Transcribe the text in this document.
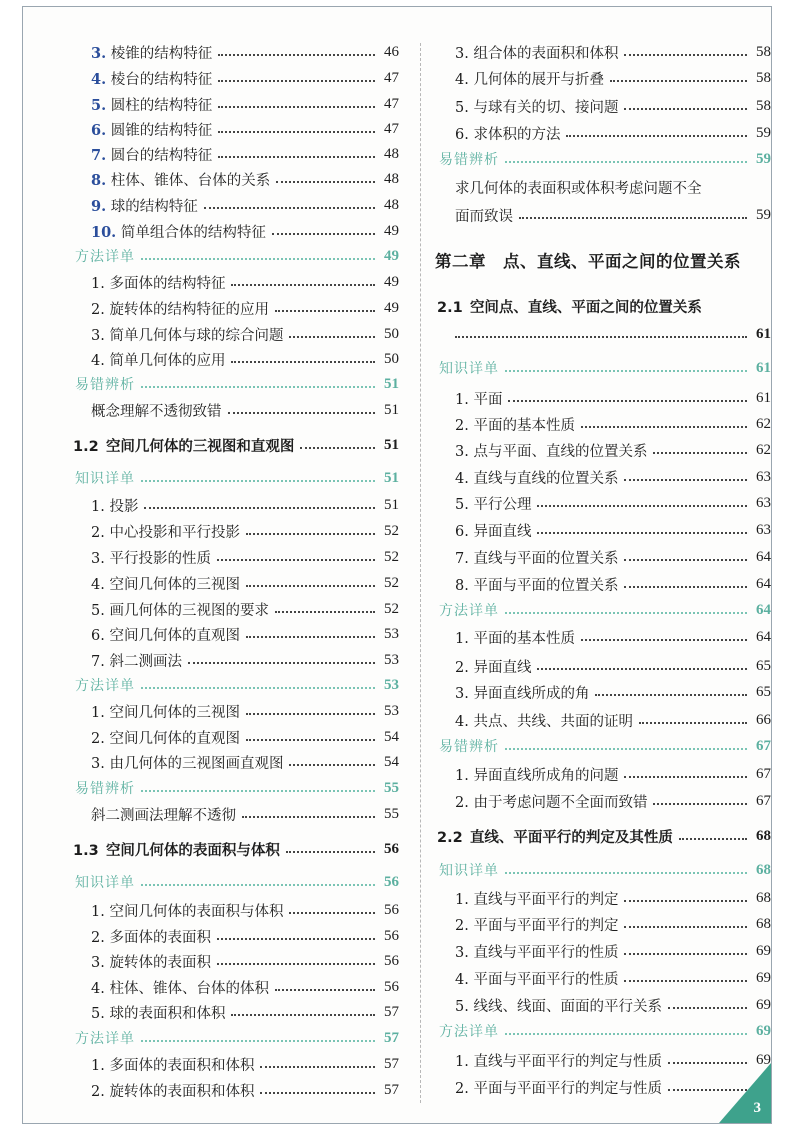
3. 棱锥的结构特征	46
4. 棱台的结构特征	47
5. 圆柱的结构特征	47
6. 圆锥的结构特征	47
7. 圆台的结构特征	48
8. 柱体、锥体、台体的关系	48
9. 球的结构特征	48
10. 简单组合体的结构特征	49
方法详单	49
1. 多面体的结构特征	49
2. 旋转体的结构特征的应用	49
3. 简单几何体与球的综合问题	50
4. 简单几何体的应用	50
易错辨析	51
概念理解不透彻致错	51
1.2  空间几何体的三视图和直观图	51
知识详单	51
1. 投影	51
2. 中心投影和平行投影	52
3. 平行投影的性质	52
4. 空间几何体的三视图	52
5. 画几何体的三视图的要求	52
6. 空间几何体的直观图	53
7. 斜二测画法	53
方法详单	53
1. 空间几何体的三视图	53
2. 空间几何体的直观图	54
3. 由几何体的三视图画直观图	54
易错辨析	55
斜二测画法理解不透彻	55
1.3  空间几何体的表面积与体积	56
知识详单	56
1. 空间几何体的表面积与体积	56
2. 多面体的表面积	56
3. 旋转体的表面积	56
4. 柱体、锥体、台体的体积	56
5. 球的表面积和体积	57
方法详单	57
1. 多面体的表面积和体积	57
2. 旋转体的表面积和体积	57
3. 组合体的表面积和体积	58
4. 几何体的展开与折叠	58
5. 与球有关的切、接问题	58
6. 求体积的方法	59
易错辨析	59
求几何体的表面积或体积考虑问题不全
面而致误	59
第二章　点、直线、平面之间的位置关系
2.1  空间点、直线、平面之间的位置关系
61
知识详单	61
1. 平面	61
2. 平面的基本性质	62
3. 点与平面、直线的位置关系	62
4. 直线与直线的位置关系	63
5. 平行公理	63
6. 异面直线	63
7. 直线与平面的位置关系	64
8. 平面与平面的位置关系	64
方法详单	64
1. 平面的基本性质	64
2. 异面直线	65
3. 异面直线所成的角	65
4. 共点、共线、共面的证明	66
易错辨析	67
1. 异面直线所成角的问题	67
2. 由于考虑问题不全面而致错	67
2.2  直线、平面平行的判定及其性质	68
知识详单	68
1. 直线与平面平行的判定	68
2. 平面与平面平行的判定	68
3. 直线与平面平行的性质	69
4. 平面与平面平行的性质	69
5. 线线、线面、面面的平行关系	69
方法详单	69
1. 直线与平面平行的判定与性质	69
2. 平面与平面平行的判定与性质	70
3
